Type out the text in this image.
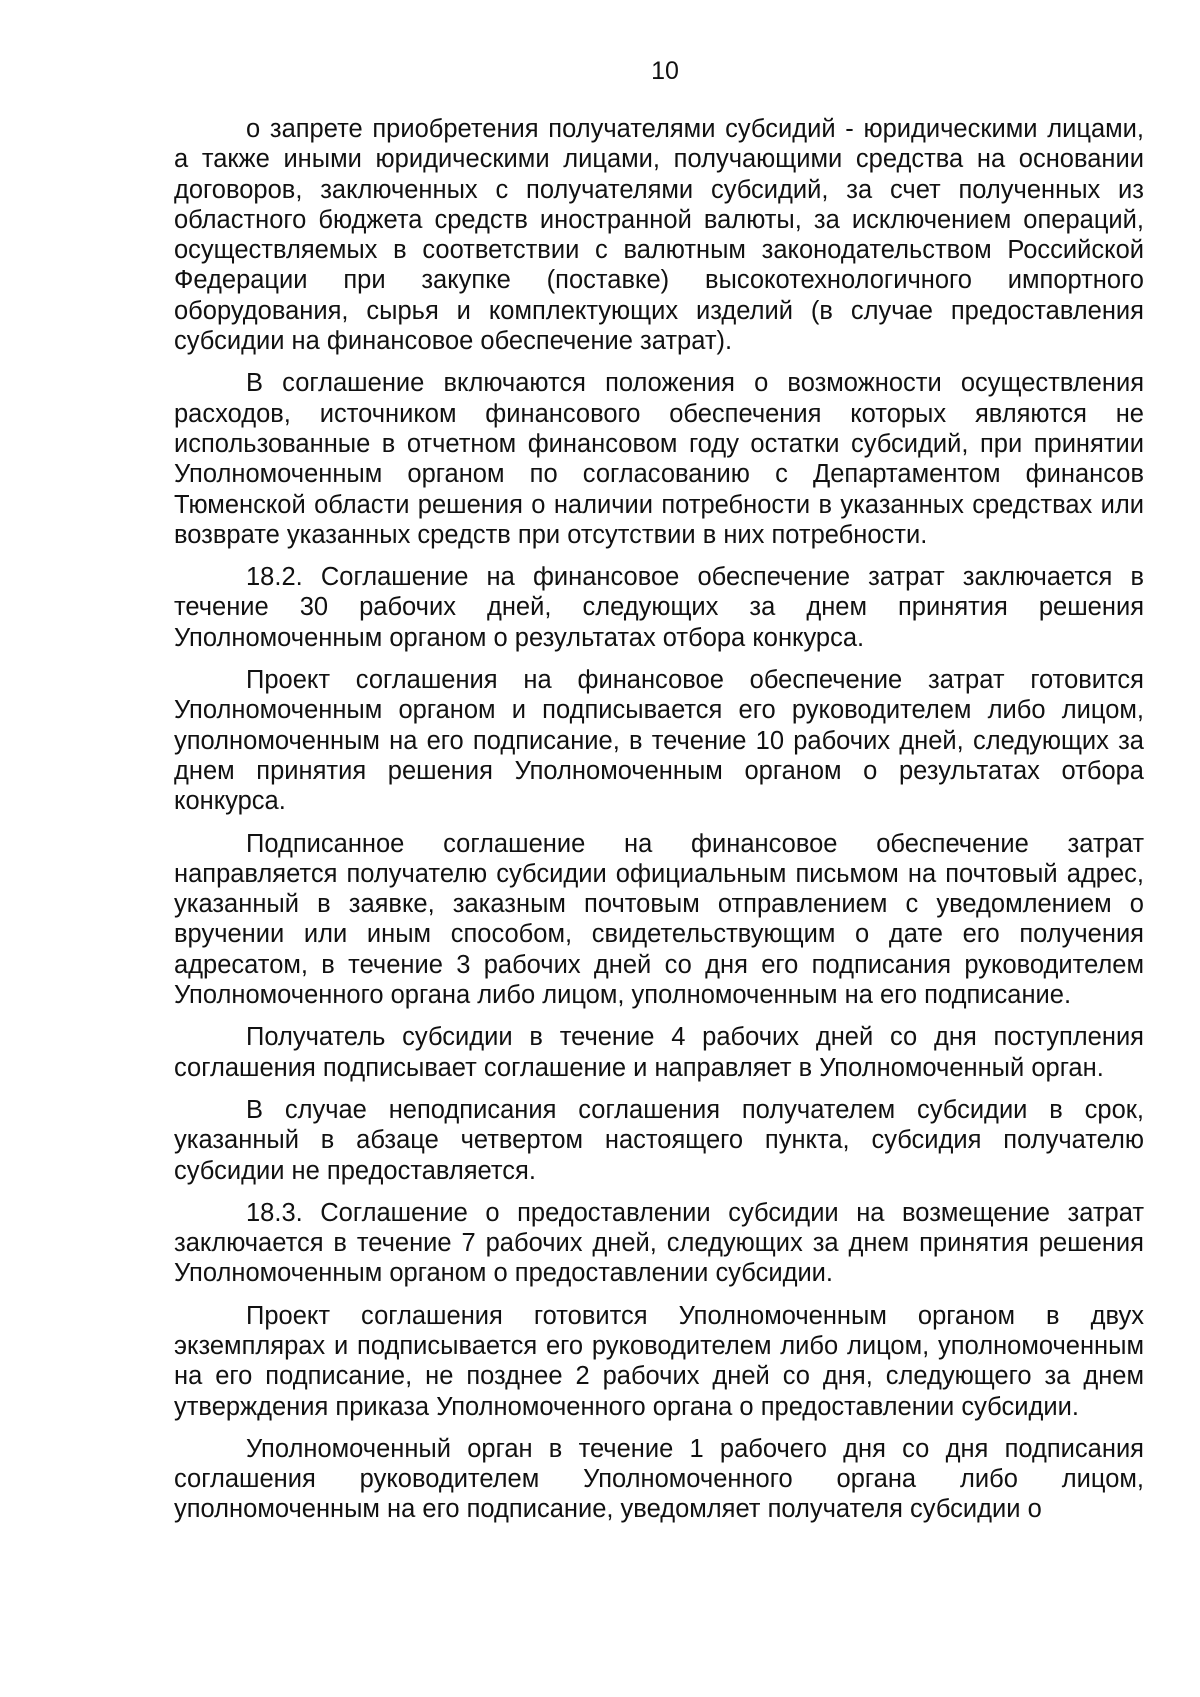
10

о запрете приобретения получателями субсидий - юридическими лицами, а также иными юридическими лицами, получающими средства на основании договоров, заключенных с получателями субсидий, за счет полученных из областного бюджета средств иностранной валюты, за исключением операций, осуществляемых в соответствии с валютным законодательством Российской Федерации при закупке (поставке) высокотехнологичного импортного оборудования, сырья и комплектующих изделий (в случае предоставления субсидии на финансовое обеспечение затрат).

В соглашение включаются положения о возможности осуществления расходов, источником финансового обеспечения которых являются не использованные в отчетном финансовом году остатки субсидий, при принятии Уполномоченным органом по согласованию с Департаментом финансов Тюменской области решения о наличии потребности в указанных средствах или возврате указанных средств при отсутствии в них потребности.

18.2. Соглашение на финансовое обеспечение затрат заключается в течение 30 рабочих дней, следующих за днем принятия решения Уполномоченным органом о результатах отбора конкурса.

Проект соглашения на финансовое обеспечение затрат готовится Уполномоченным органом и подписывается его руководителем либо лицом, уполномоченным на его подписание, в течение 10 рабочих дней, следующих за днем принятия решения Уполномоченным органом о результатах отбора конкурса.

Подписанное соглашение на финансовое обеспечение затрат направляется получателю субсидии официальным письмом на почтовый адрес, указанный в заявке, заказным почтовым отправлением с уведомлением о вручении или иным способом, свидетельствующим о дате его получения адресатом, в течение 3 рабочих дней со дня его подписания руководителем Уполномоченного органа либо лицом, уполномоченным на его подписание.

Получатель субсидии в течение 4 рабочих дней со дня поступления соглашения подписывает соглашение и направляет в Уполномоченный орган.

В случае неподписания соглашения получателем субсидии в срок, указанный в абзаце четвертом настоящего пункта, субсидия получателю субсидии не предоставляется.

18.3. Соглашение о предоставлении субсидии на возмещение затрат заключается в течение 7 рабочих дней, следующих за днем принятия решения Уполномоченным органом о предоставлении субсидии.

Проект соглашения готовится Уполномоченным органом в двух экземплярах и подписывается его руководителем либо лицом, уполномоченным на его подписание, не позднее 2 рабочих дней со дня, следующего за днем утверждения приказа Уполномоченного органа о предоставлении субсидии.

Уполномоченный орган в течение 1 рабочего дня со дня подписания соглашения руководителем Уполномоченного органа либо лицом, уполномоченным на его подписание, уведомляет получателя субсидии о
